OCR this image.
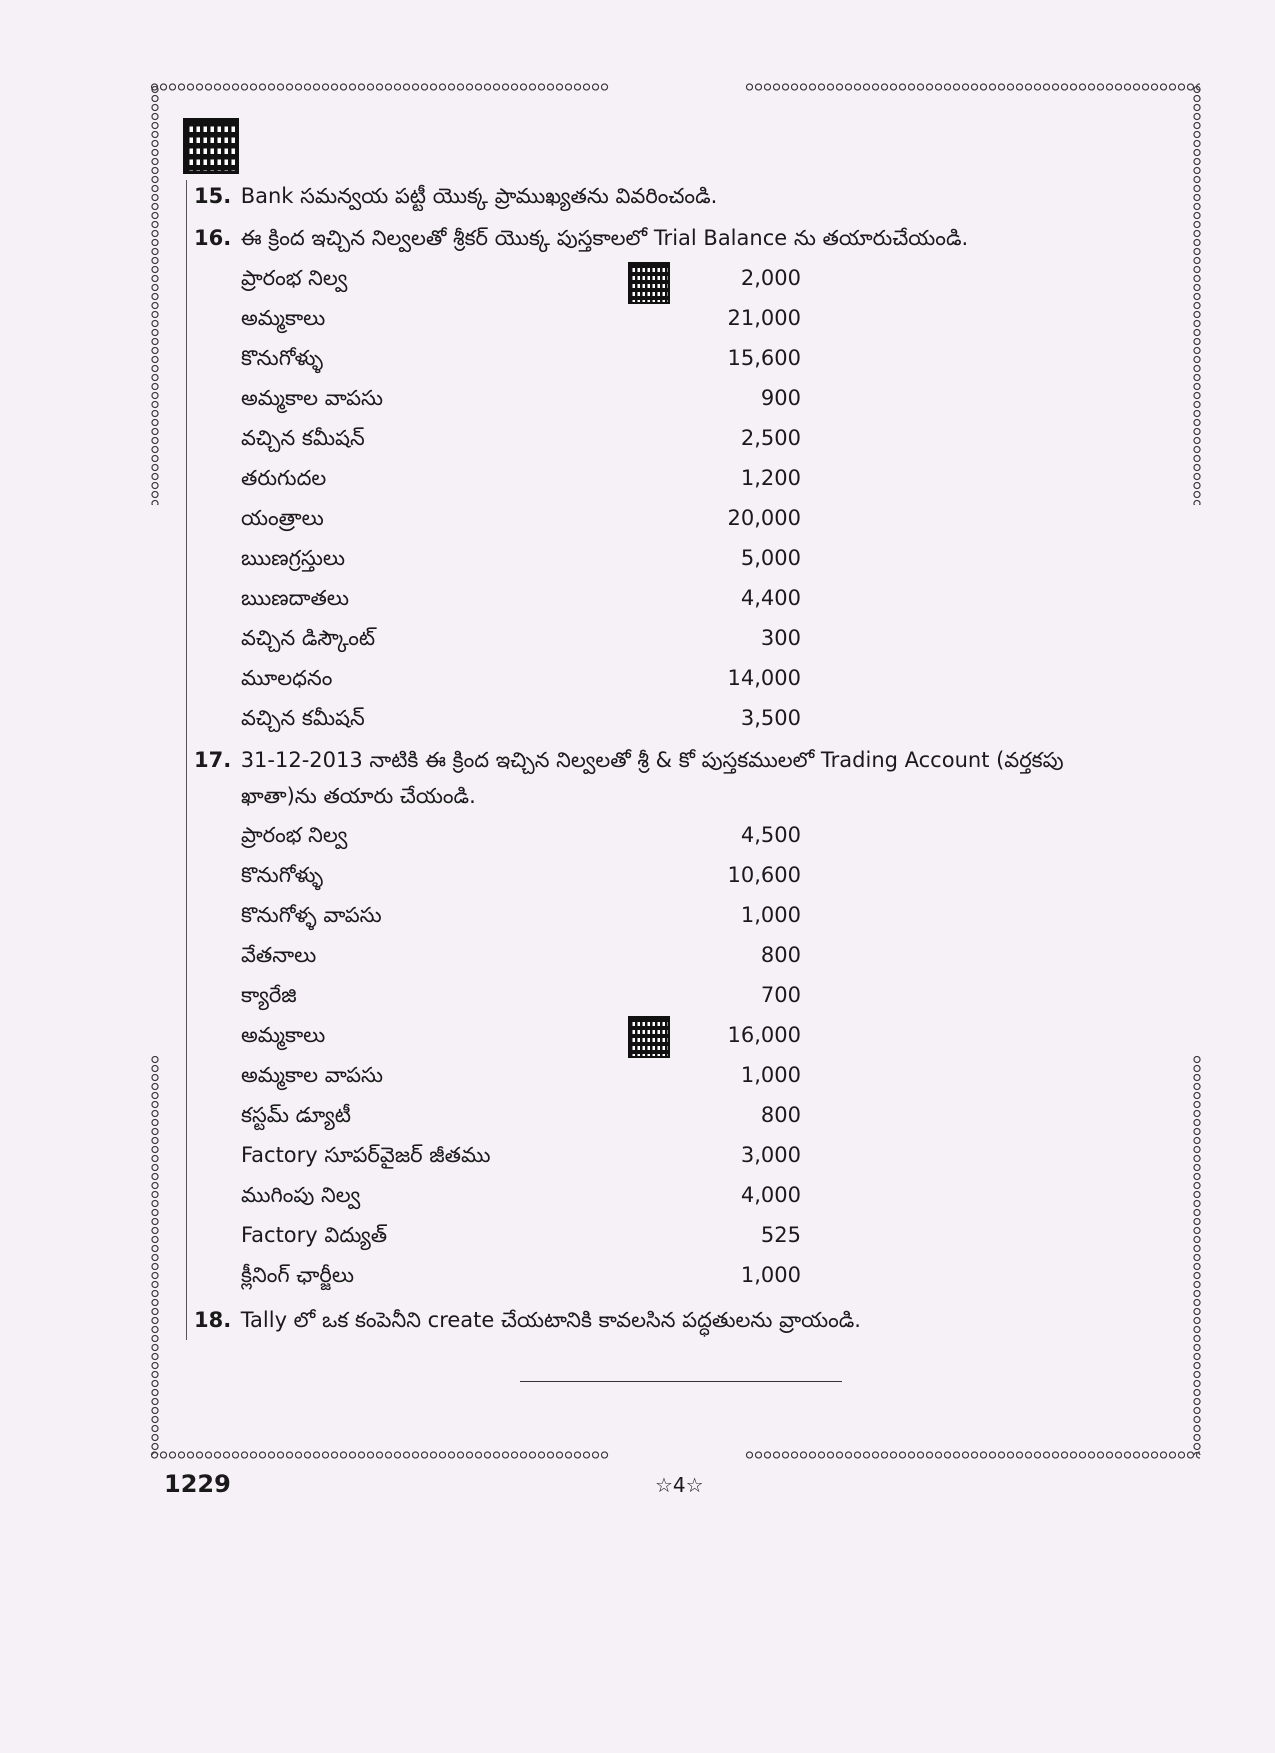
15. Bank సమన్వయ పట్టీ యొక్క ప్రాముఖ్యతను వివరించండి.
16. ఈ క్రింద ఇచ్చిన నిల్వలతో శ్రీకర్ యొక్క పుస్తకాలలో Trial Balance ను తయారుచేయండి.
ప్రారంభ నిల్వ	2,000
అమ్మకాలు	21,000
కొనుగోళ్ళు	15,600
అమ్మకాల వాపసు	900
వచ్చిన కమీషన్	2,500
తరుగుదల	1,200
యంత్రాలు	20,000
ఋణగ్రస్తులు	5,000
ఋణదాతలు	4,400
వచ్చిన డిస్కౌంట్	300
మూలధనం	14,000
వచ్చిన కమీషన్	3,500
17. 31-12-2013 నాటికి ఈ క్రింద ఇచ్చిన నిల్వలతో శ్రీ & కో పుస్తకములలో Trading Account (వర్తకపు
ఖాతా)ను తయారు చేయండి.
ప్రారంభ నిల్వ	4,500
కొనుగోళ్ళు	10,600
కొనుగోళ్ళ వాపసు	1,000
వేతనాలు	800
క్యారేజి	700
అమ్మకాలు	16,000
అమ్మకాల వాపసు	1,000
కస్టమ్ డ్యూటీ	800
Factory సూపర్‌వైజర్ జీతము	3,000
ముగింపు నిల్వ	4,000
Factory విద్యుత్	525
క్లీనింగ్ ఛార్జీలు	1,000
18. Tally లో ఒక కంపెనీని create చేయటానికి కావలసిన పద్ధతులను వ్రాయండి.
1229	☆4☆
